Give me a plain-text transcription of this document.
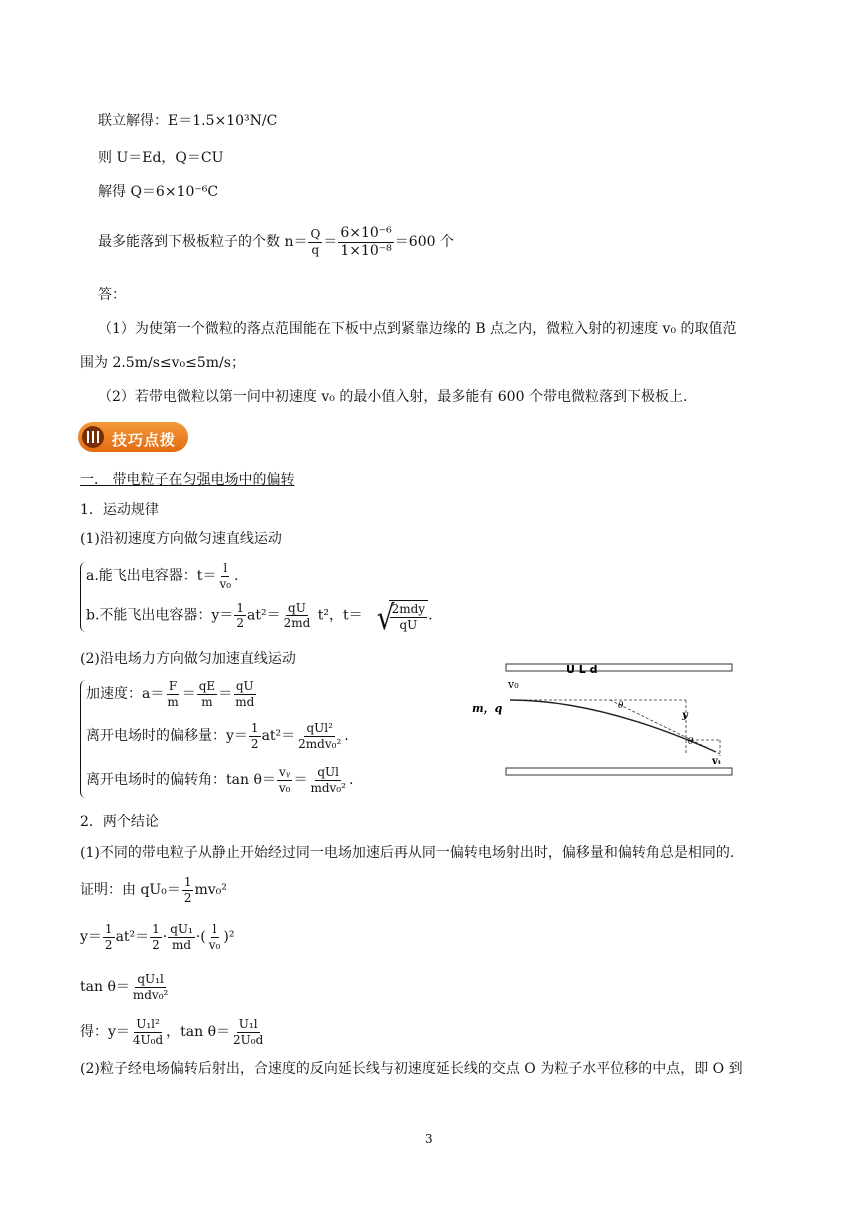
联立解得：E＝1.5×10³N/C
则 U＝Ed，Q＝CU
解得 Q＝6×10⁻⁶C
最多能落到下极板粒子的个数 $n= \frac{Q}{q} = \frac{\text{6×10⁻⁶}}{\text{1×10⁻⁸}} =600$ 个
答：
（1）为使第一个微粒的落点范围能在下板中点到紧靠边缘的 B 点之内，微粒入射的初速度 v₀ 的取值范
围为 2.5m/s≤v₀≤5m/s；
（2）若带电微粒以第一问中初速度 v₀ 的最小值入射，最多能有 600 个带电微粒落到下极板上.
技巧点拨
一． 带电粒子在匀强电场中的偏转
1．运动规律
(1)沿初速度方向做匀速直线运动
a.能飞出电容器：$t= \frac{l}{\text{v₀}}$ .
b.不能飞出电容器：$y= \frac{1}{2} at^2= \frac{qU}{2md} t^2$，t＝ √
$\frac{\text{2mdy}}{qU}$ .
(2)沿电场力方向做匀加速直线运动
加速度：$a= \frac{F}{m} = \frac{qE}{m} = \frac{qU}{md}$
离开电场时的偏移量：$y= \frac{1}{2} at^2= \frac{\text{qUl²}}{\text{2mdv₀²}}$ .
离开电场时的偏转角：$\tan \theta= \frac{\text{vᵧ}}{\text{v₀}} = \frac{\text{qUl}}{\text{mdv₀²}}$ .
U L d
v₀
m，q	θ
y
θ
vₜ
2．两个结论
(1)不同的带电粒子从静止开始经过同一电场加速后再从同一偏转电场射出时，偏移量和偏转角总是相同的.
证明：由 $qU_0= \frac{1}{2} mv_0^2$
$y= \frac{1}{2} at^2= \frac{1}{2} \cdot \frac{\text{qU₁}}{md}$ ·( $\frac{l}{\text{v₀}} )^2$
$\tan \theta= \frac{\text{qU₁l}}{\text{mdv₀²}}$
得：$y= \frac{\text{U₁l²}}{\text{4U₀d}}$ ，$\tan \theta= \frac{\text{U₁l}}{\text{2U₀d}}$
(2)粒子经电场偏转后射出，合速度的反向延长线与初速度延长线的交点 O 为粒子水平位移的中点，即 O 到
3
